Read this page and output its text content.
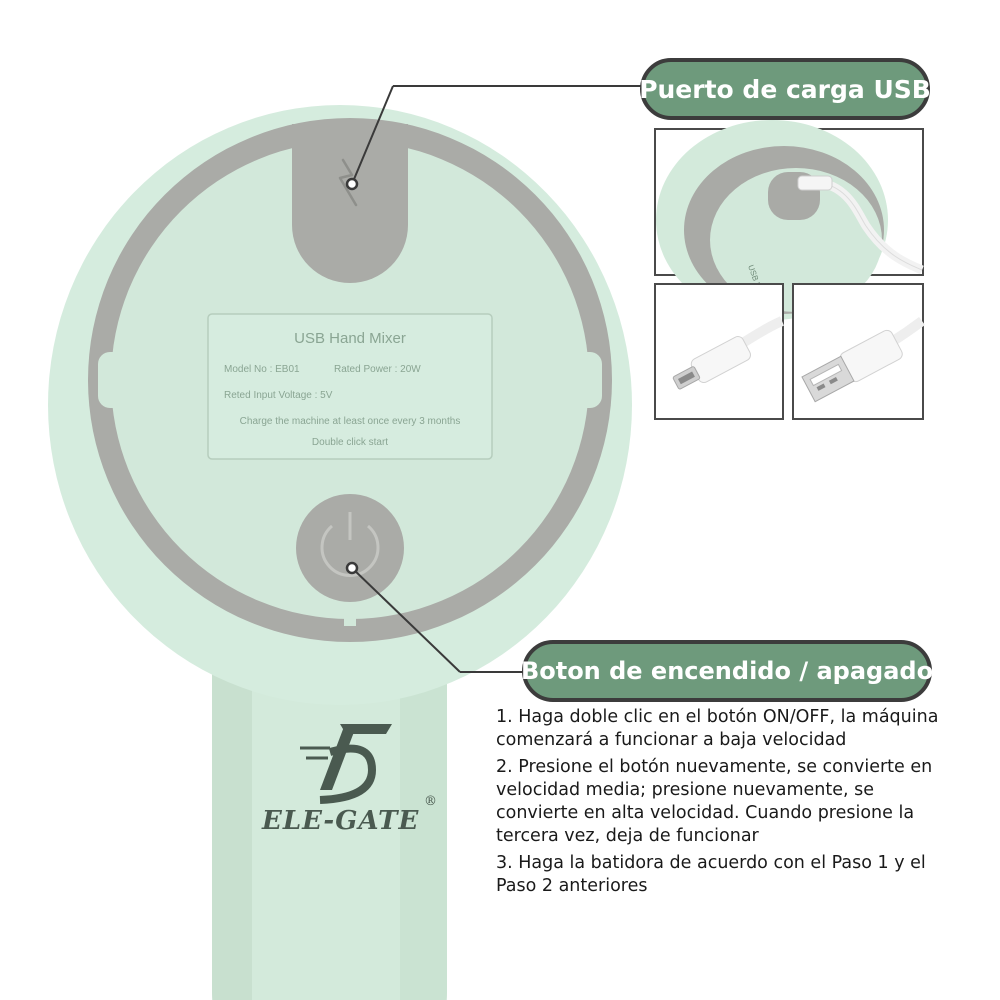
Puerto de carga USB
Boton de encendido / apagado
USB Hand Mixer
Model No : EB01	Rated Power : 20W
Reted Input Voltage : 5V
Charge the machine at least once every 3 months
Double click start

1. Haga doble clic en el botón ON/OFF, la máquina comenzará a funcionar a baja velocidad

2. Presione el botón nuevamente, se convierte en velocidad media; presione nuevamente, se convierte en alta velocidad. Cuando presione la tercera vez, deja de funcionar

3. Haga la batidora de acuerdo con el Paso 1 y el Paso 2 anteriores

ELE-GATE
®
